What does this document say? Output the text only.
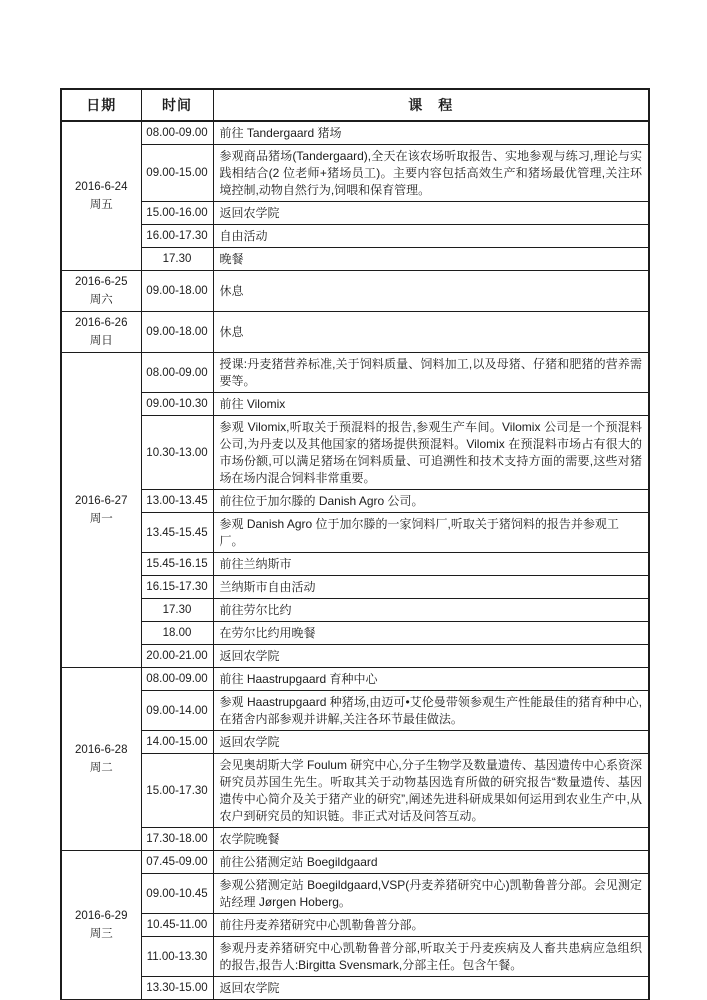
日期	时间	课　程

2016-6-24
周五	08.00-09.00	前往 Tandergaard 猪场
	09.00-15.00	参观商品猪场(Tandergaard),全天在该农场听取报告、实地参观与练习,理论与实践相结合(2 位老师+猪场员工)。主要内容包括高效生产和猪场最优管理,关注环境控制,动物自然行为,饲喂和保育管理。
	15.00-16.00	返回农学院
	16.00-17.30	自由活动
	17.30	晚餐

2016-6-25
周六	09.00-18.00	休息

2016-6-26
周日	09.00-18.00	休息

2016-6-27
周一	08.00-09.00	授课:丹麦猪营养标准,关于饲料质量、饲料加工,以及母猪、仔猪和肥猪的营养需要等。
	09.00-10.30	前往 Vilomix
	10.30-13.00	参观 Vilomix,听取关于预混料的报告,参观生产车间。Vilomix 公司是一个预混料公司,为丹麦以及其他国家的猪场提供预混料。Vilomix 在预混料市场占有很大的市场份额,可以满足猪场在饲料质量、可追溯性和技术支持方面的需要,这些对猪场在场内混合饲料非常重要。
	13.00-13.45	前往位于加尔滕的 Danish Agro 公司。
	13.45-15.45	参观 Danish Agro 位于加尔滕的一家饲料厂,听取关于猪饲料的报告并参观工厂。
	15.45-16.15	前往兰纳斯市
	16.15-17.30	兰纳斯市自由活动
	17.30	前往劳尔比约
	18.00	在劳尔比约用晚餐
	20.00-21.00	返回农学院

2016-6-28
周二	08.00-09.00	前往 Haastrupgaard 育种中心
	09.00-14.00	参观 Haastrupgaard 种猪场,由迈可•艾伦曼带领参观生产性能最佳的猪育种中心,在猪舍内部参观并讲解,关注各环节最佳做法。
	14.00-15.00	返回农学院
	15.00-17.30	会见奥胡斯大学 Foulum 研究中心,分子生物学及数量遗传、基因遗传中心系资深研究员苏国生先生。听取其关于动物基因选育所做的研究报告“数量遗传、基因遗传中心简介及关于猪产业的研究”,阐述先进科研成果如何运用到农业生产中,从农户到研究员的知识链。非正式对话及问答互动。
	17.30-18.00	农学院晚餐

2016-6-29
周三	07.45-09.00	前往公猪测定站 Boegildgaard
	09.00-10.45	参观公猪测定站 Boegildgaard,VSP(丹麦养猪研究中心)凯勒鲁普分部。会见测定站经理 Jørgen Hoberg。
	10.45-11.00	前往丹麦养猪研究中心凯勒鲁普分部。
	11.00-13.30	参观丹麦养猪研究中心凯勒鲁普分部,听取关于丹麦疾病及人畜共患病应急组织的报告,报告人:Birgitta Svensmark,分部主任。包含午餐。
	13.30-15.00	返回农学院
